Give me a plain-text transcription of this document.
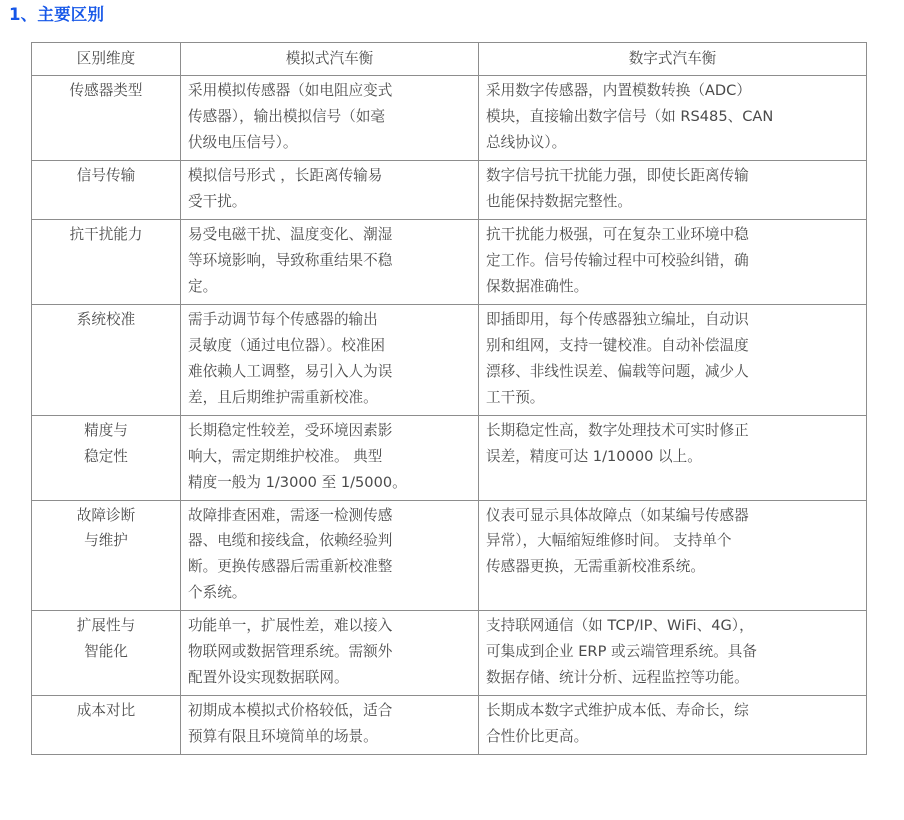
1、主要区别
区别维度	模拟式汽车衡	数字式汽车衡

传感器类型	采用模拟传感器（如电阻应变式
传感器），输出模拟信号（如毫
伏级电压信号）。	采用数字传感器，内置模数转换（ADC）
模块，直接输出数字信号（如 RS485、CAN
总线协议）。

信号传输	模拟信号形式 ，长距离传输易
受干扰。	数字信号抗干扰能力强，即使长距离传输
也能保持数据完整性。

抗干扰能力	易受电磁干扰、温度变化、潮湿
等环境影响，导致称重结果不稳
定。	抗干扰能力极强，可在复杂工业环境中稳
定工作。信号传输过程中可校验纠错，确
保数据准确性。

系统校准	需手动调节每个传感器的输出
灵敏度（通过电位器）。校准困
难依赖人工调整，易引入人为误
差，且后期维护需重新校准。	即插即用，每个传感器独立编址，自动识
别和组网，支持一键校准。自动补偿温度
漂移、非线性误差、偏载等问题，减少人
工干预。

精度与
稳定性	长期稳定性较差，受环境因素影
响大，需定期维护校准。 典型
精度一般为 1/3000 至 1/5000。	长期稳定性高，数字处理技术可实时修正
误差，精度可达 1/10000 以上。

故障诊断
与维护	故障排查困难，需逐一检测传感
器、电缆和接线盒，依赖经验判
断。更换传感器后需重新校准整
个系统。	仪表可显示具体故障点（如某编号传感器
异常），大幅缩短维修时间。 支持单个
传感器更换，无需重新校准系统。

扩展性与
智能化	功能单一，扩展性差，难以接入
物联网或数据管理系统。需额外
配置外设实现数据联网。	支持联网通信（如 TCP/IP、WiFi、4G），
可集成到企业 ERP 或云端管理系统。具备
数据存储、统计分析、远程监控等功能。

成本对比	初期成本模拟式价格较低，适合
预算有限且环境简单的场景。	长期成本数字式维护成本低、寿命长，综
合性价比更高。
